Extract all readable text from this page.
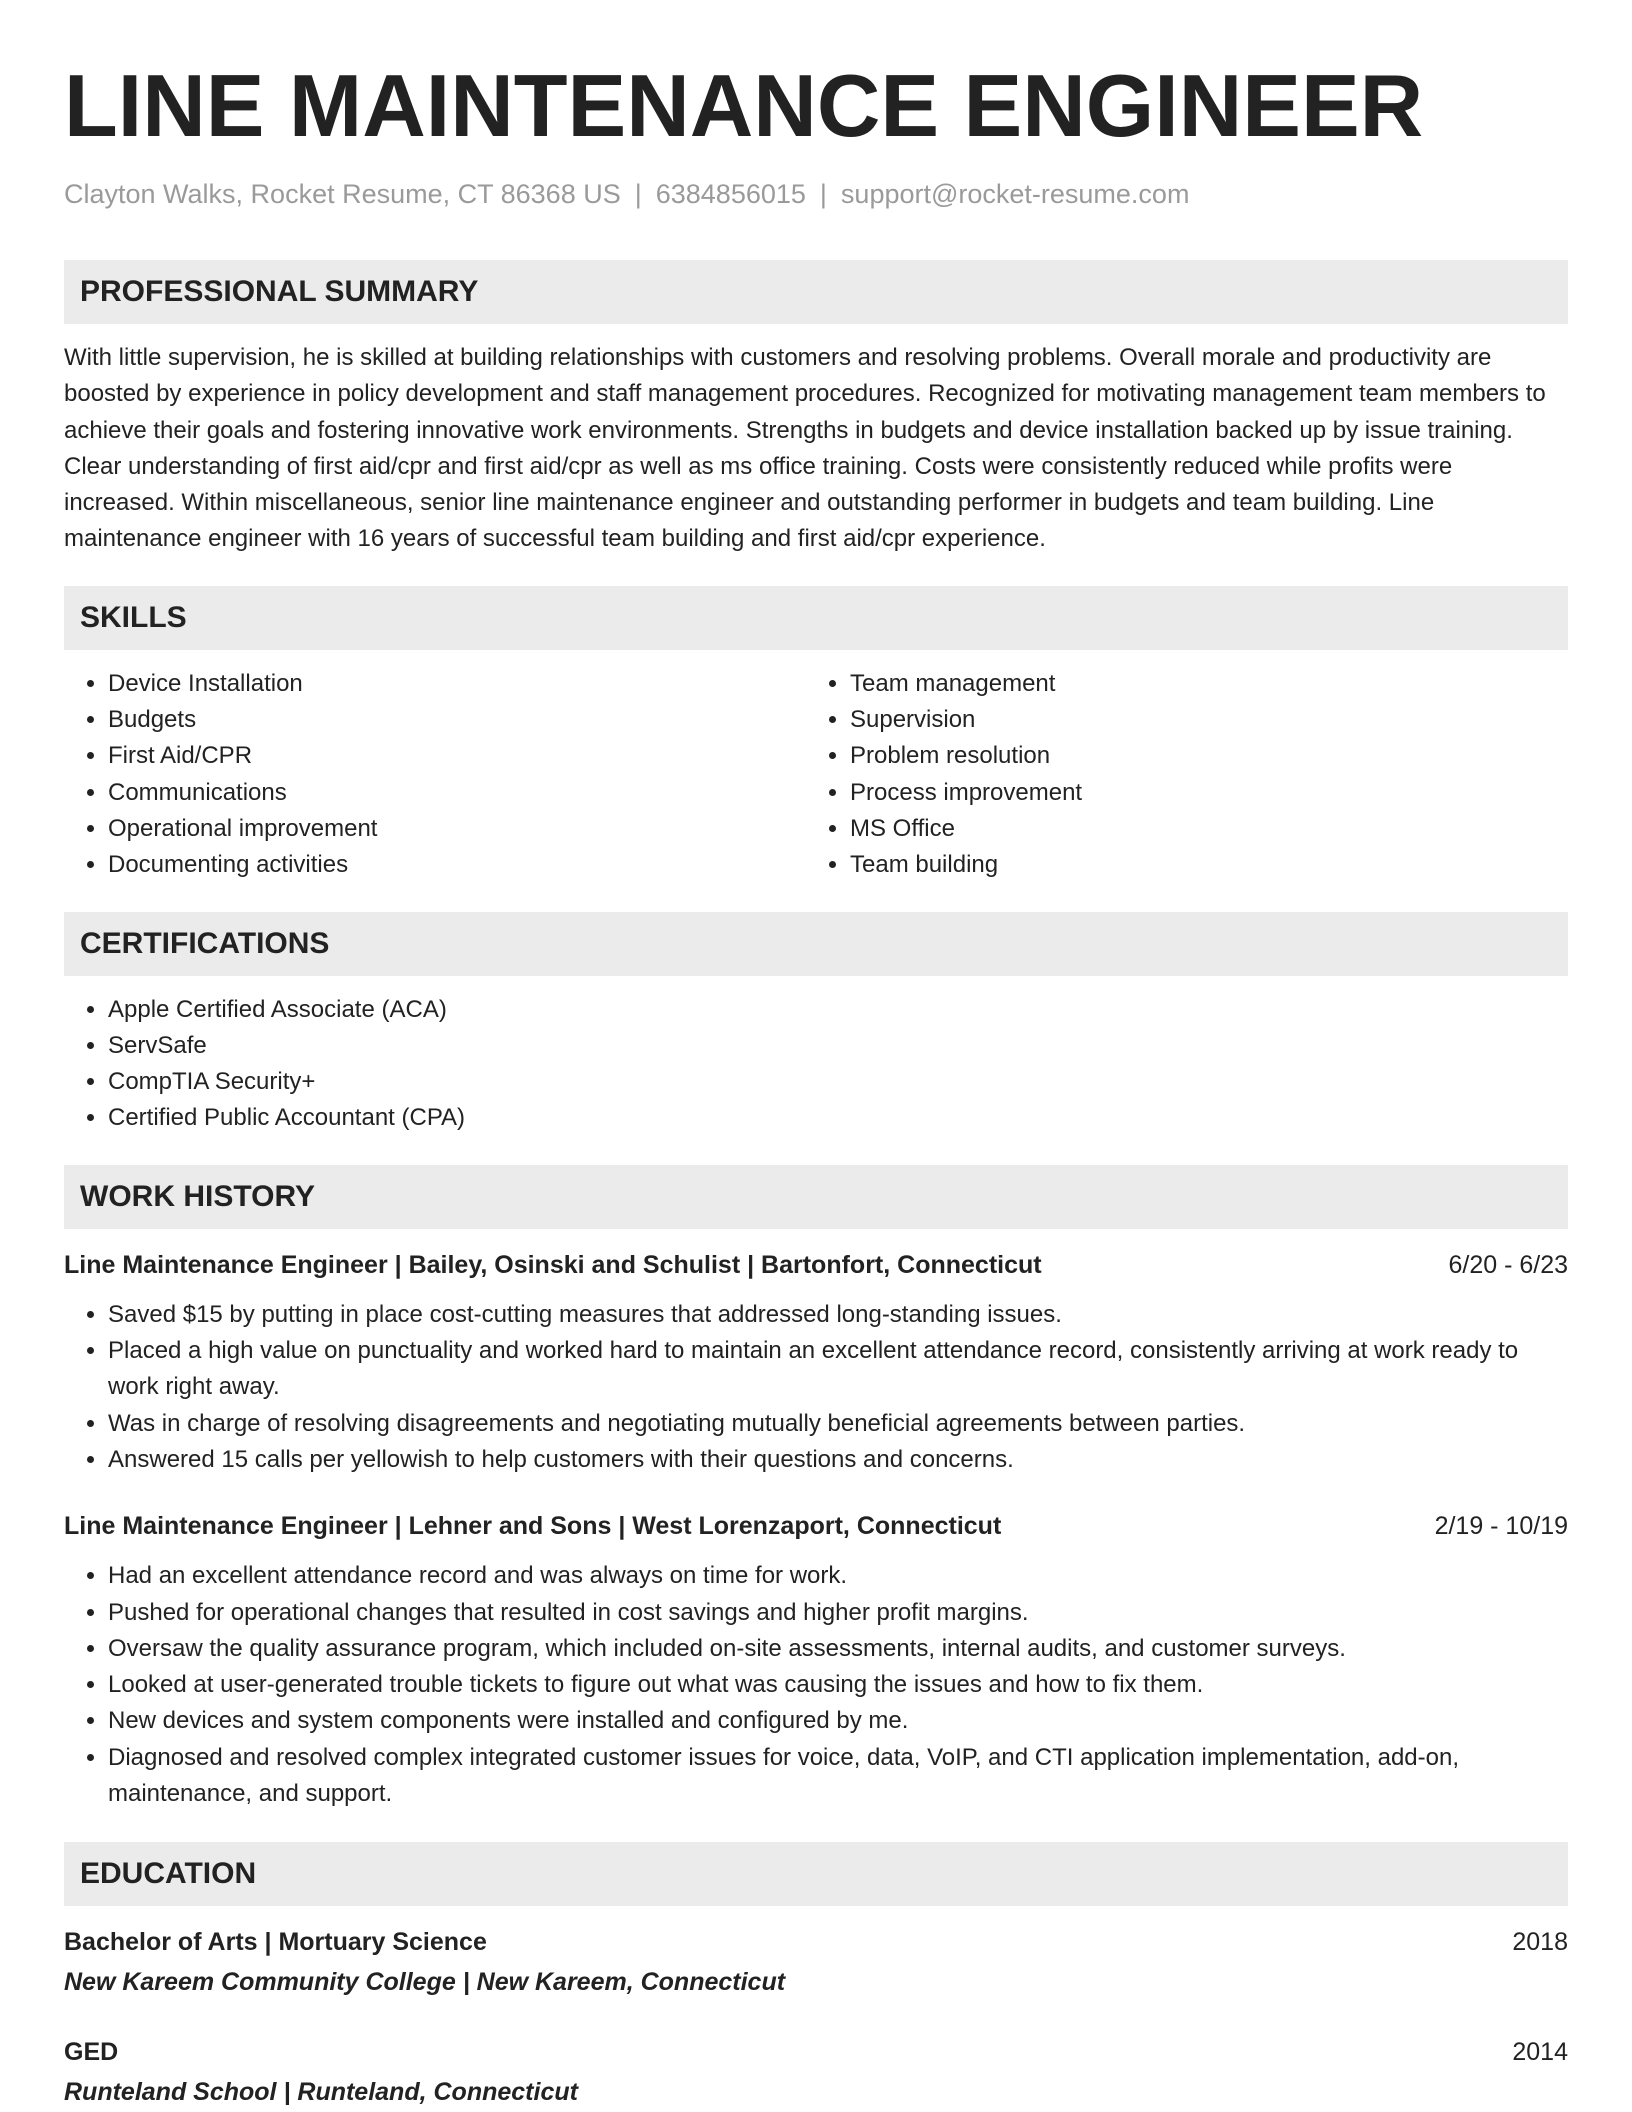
LINE MAINTENANCE ENGINEER
Clayton Walks, Rocket Resume, CT 86368 US | 6384856015 | support@rocket-resume.com
PROFESSIONAL SUMMARY

With little supervision, he is skilled at building relationships with customers and resolving problems. Overall morale and productivity are boosted by experience in policy development and staff management procedures. Recognized for motivating management team members to achieve their goals and fostering innovative work environments. Strengths in budgets and device installation backed up by issue training. Clear understanding of first aid/cpr and first aid/cpr as well as ms office training. Costs were consistently reduced while profits were increased. Within miscellaneous, senior line maintenance engineer and outstanding performer in budgets and team building. Line maintenance engineer with 16 years of successful team building and first aid/cpr experience.

SKILLS
• Device Installation
• Budgets
• First Aid/CPR
• Communications
• Operational improvement
• Documenting activities
• Team management
• Supervision
• Problem resolution
• Process improvement
• MS Office
• Team building
CERTIFICATIONS
• Apple Certified Associate (ACA)
• ServSafe
• CompTIA Security+
• Certified Public Accountant (CPA)
WORK HISTORY
Line Maintenance Engineer | Bailey, Osinski and Schulist | Bartonfort, Connecticut	6/20 - 6/23
• Saved $15 by putting in place cost-cutting measures that addressed long-standing issues.
• Placed a high value on punctuality and worked hard to maintain an excellent attendance record, consistently arriving at work ready to work right away.
• Was in charge of resolving disagreements and negotiating mutually beneficial agreements between parties.
• Answered 15 calls per yellowish to help customers with their questions and concerns.
Line Maintenance Engineer | Lehner and Sons | West Lorenzaport, Connecticut	2/19 - 10/19
• Had an excellent attendance record and was always on time for work.
• Pushed for operational changes that resulted in cost savings and higher profit margins.
• Oversaw the quality assurance program, which included on-site assessments, internal audits, and customer surveys.
• Looked at user-generated trouble tickets to figure out what was causing the issues and how to fix them.
• New devices and system components were installed and configured by me.
• Diagnosed and resolved complex integrated customer issues for voice, data, VoIP, and CTI application implementation, add-on, maintenance, and support.
EDUCATION
Bachelor of Arts | Mortuary Science	2018
New Kareem Community College | New Kareem, Connecticut
GED	2014
Runteland School | Runteland, Connecticut
